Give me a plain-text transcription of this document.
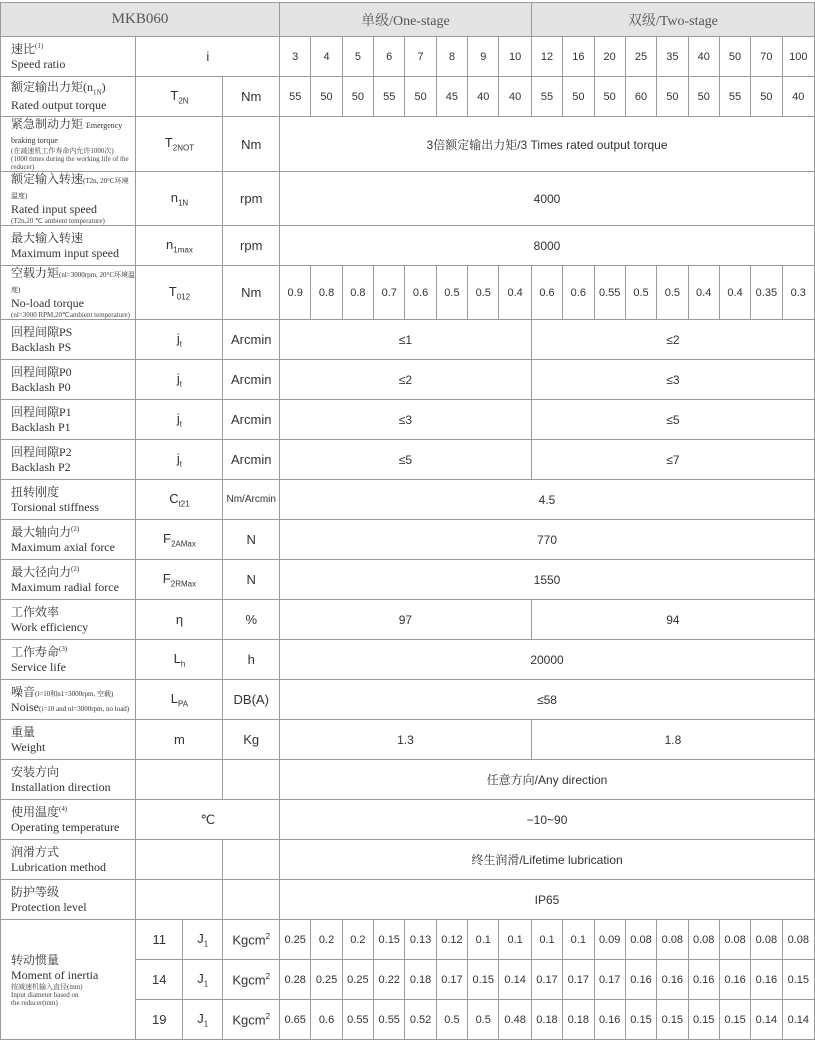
MKB060				单级/One-stage								双级/Two-stage								

速比$^{(1)}$
Speed ratio	i			3	4	5	6	7	8	9	10	12	16	20	25	35	40	50	70	100

额定输出力矩$(n_{1N})$
Rated output torque	$T_{2N}$		Nm	55	50	50	55	50	45	40	40	55	50	50	60	50	50	55	50	40

紧急制动力矩 Emergency braking torque
(在减速机工作寿命内允许1000次)
(1000 times during the working life of the reducer)	$T_{2NOT}$		Nm	3倍额定输出力矩/3 Times rated output torque																

额定输入转速(T2n, 20°C环境温度)
Rated input speed
(T2n,20 ℃ ambient temperature)	$n_{1N}$		rpm	4000																

最大输入转速
Maximum input speed	$n_{1max}$		rpm	8000																

空载力矩(nl=3000rpm, 20°C环境温度)
No-load torque
(nl=3000 RPM,20℃ambient temperature)	$T_{012}$		Nm	0.9	0.8	0.8	0.7	0.6	0.5	0.5	0.4	0.6	0.6	0.55	0.5	0.5	0.4	0.4	0.35	0.3

回程间隙PS
Backlash PS	$j_t$		Arcmin	≤1								≤2								

回程间隙P0
Backlash P0	$j_t$		Arcmin	≤2								≤3								

回程间隙P1
Backlash P1	$j_t$		Arcmin	≤3								≤5								

回程间隙P2
Backlash P2	$j_t$		Arcmin	≤5								≤7								

扭转刚度
Torsional stiffness	$C_{t21}$		Nm/Arcmin	4.5																

最大轴向力$^{(2)}$
Maximum axial force	$F_{2AMax}$		N	770																

最大径向力$^{(2)}$
Maximum radial force	$F_{2RMax}$		N	1550																

工作效率
Work efficiency	η		%	97								94								

工作寿命$^{(3)}$
Service life	$L_h$		h	20000																

噪音(i=10和n1=3000rpm, 空载)
Noise(i=10 and nl=3000rpm, no load)	$L_{PA}$		DB(A)	≤58																

重量
Weight	m		Kg	1.3								1.8								

安装方向
Installation direction				任意方向/Any direction																

使用温度$^{(4)}$
Operating temperature	℃			−10~90																

润滑方式
Lubrication method				终生润滑/Lifetime lubrication																

防护等级
Protection level				IP65																

转动惯量
Moment of inertia
按减速机输入直径(mm)
Input diameter based on
the reducer(mm)	11	$J_1$	Kgcm$^2$	0.25	0.2	0.2	0.15	0.13	0.12	0.1	0.1	0.1	0.1	0.09	0.08	0.08	0.08	0.08	0.08	0.08
	14	$J_1$	Kgcm$^2$	0.28	0.25	0.25	0.22	0.18	0.17	0.15	0.14	0.17	0.17	0.17	0.16	0.16	0.16	0.16	0.16	0.15
	19	$J_1$	Kgcm$^2$	0.65	0.6	0.55	0.55	0.52	0.5	0.5	0.48	0.18	0.18	0.16	0.15	0.15	0.15	0.15	0.14	0.14
